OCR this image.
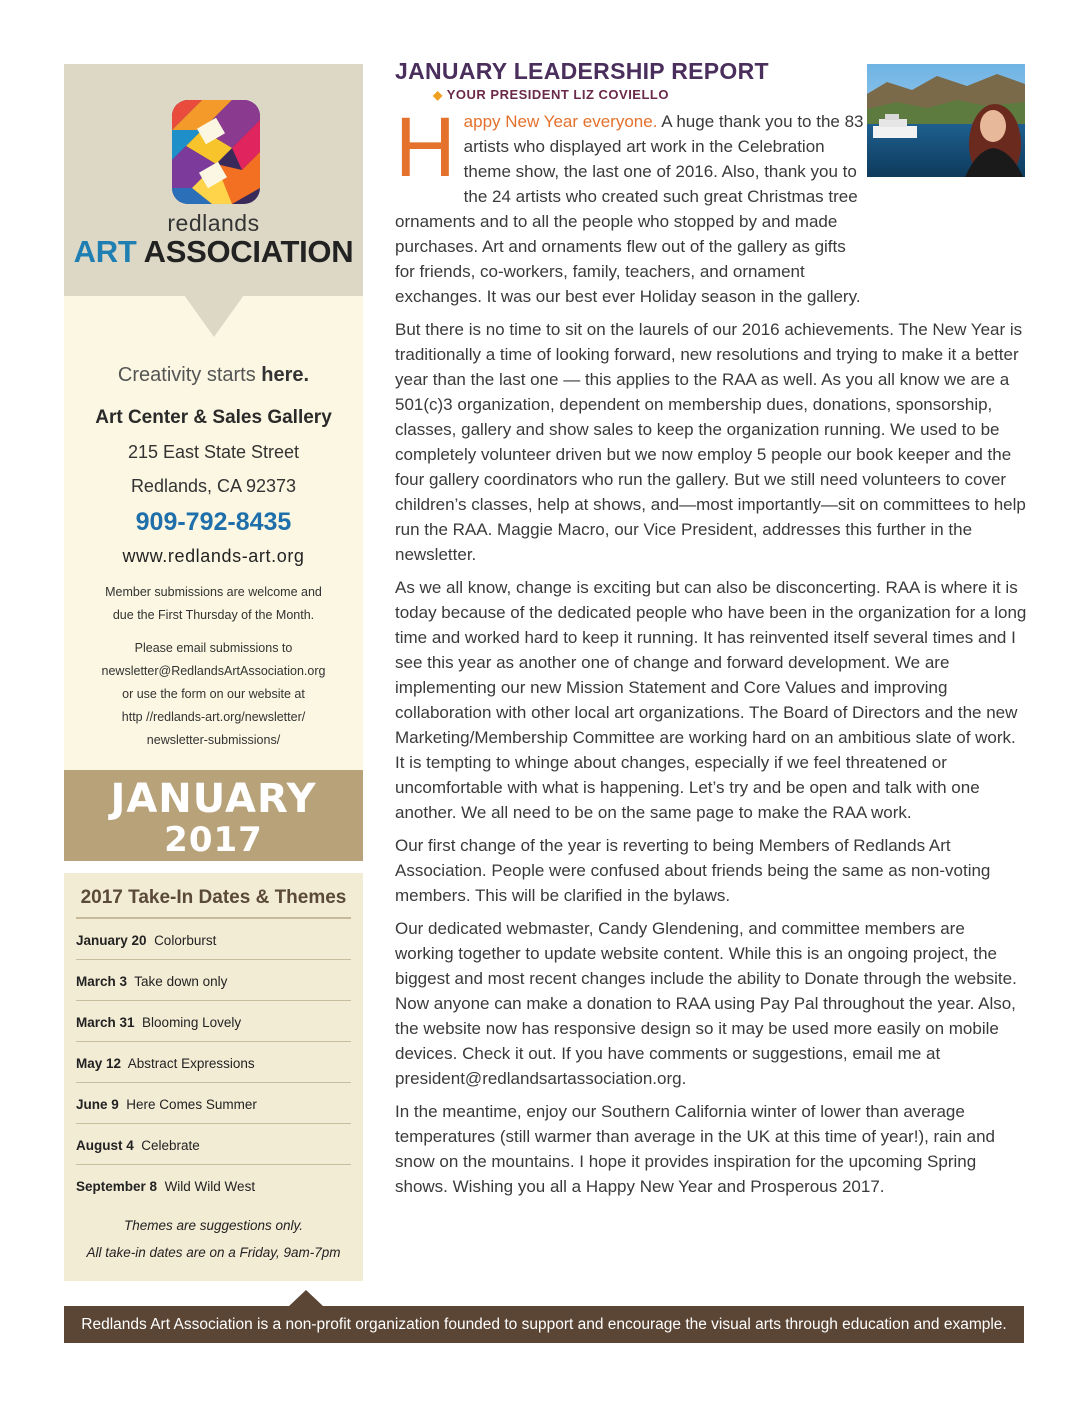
redlands
ART ASSOCIATION
Creativity starts here.
Art Center & Sales Gallery
215 East State Street
Redlands, CA 92373
909-792-8435
www.redlands-art.org
Member submissions are welcome and
due the First Thursday of the Month.
Please email submissions to
newsletter@RedlandsArtAssociation.org
or use the form on our website at
http //redlands-art.org/newsletter/
newsletter-submissions/
JANUARY
2017
2017 Take-In Dates & Themes
January 20 Colorburst
March 3 Take down only
March 31 Blooming Lovely
May 12 Abstract Expressions
June 9 Here Comes Summer
August 4 Celebrate
September 8 Wild Wild West
Themes are suggestions only.
All take-in dates are on a Friday, 9am-7pm
JANUARY LEADERSHIP REPORT
◆ YOUR PRESIDENT LIZ COVIELLO

Happy New Year everyone. A huge thank you to the 83 artists who displayed art work in the Celebration theme show, the last one of 2016. Also, thank you to the 24 artists who created such great Christmas tree ornaments and to all the people who stopped by and made purchases. Art and ornaments flew out of the gallery as gifts for friends, co-workers, family, teachers, and ornament exchanges. It was our best ever Holiday season in the gallery.

But there is no time to sit on the laurels of our 2016 achievements. The New Year is traditionally a time of looking forward, new resolutions and trying to make it a better year than the last one — this applies to the RAA as well. As you all know we are a 501(c)3 organization, dependent on membership dues, donations, sponsorship, classes, gallery and show sales to keep the organization running. We used to be completely volunteer driven but we now employ 5 people our book keeper and the four gallery coordinators who run the gallery. But we still need volunteers to cover children’s classes, help at shows, and—most importantly—sit on committees to help run the RAA. Maggie Macro, our Vice President, addresses this further in the newsletter.

As we all know, change is exciting but can also be disconcerting. RAA is where it is today because of the dedicated people who have been in the organization for a long time and worked hard to keep it running. It has reinvented itself several times and I see this year as another one of change and forward development. We are implementing our new Mission Statement and Core Values and improving collaboration with other local art organizations. The Board of Directors and the new Marketing/Membership Committee are working hard on an ambitious slate of work. It is tempting to whinge about changes, especially if we feel threatened or uncomfortable with what is happening. Let’s try and be open and talk with one another. We all need to be on the same page to make the RAA work.

Our first change of the year is reverting to being Members of Redlands Art Association. People were confused about friends being the same as non-voting members. This will be clarified in the bylaws.

Our dedicated webmaster, Candy Glendening, and committee members are working together to update website content. While this is an ongoing project, the biggest and most recent changes include the ability to Donate through the website. Now anyone can make a donation to RAA using Pay Pal throughout the year. Also, the website now has responsive design so it may be used more easily on mobile devices. Check it out. If you have comments or suggestions, email me at president@redlandsartassociation.org.

In the meantime, enjoy our Southern California winter of lower than average temperatures (still warmer than average in the UK at this time of year!), rain and snow on the mountains. I hope it provides inspiration for the upcoming Spring shows. Wishing you all a Happy New Year and Prosperous 2017.

Redlands Art Association is a non-profit organization founded to support and encourage the visual arts through education and example.
